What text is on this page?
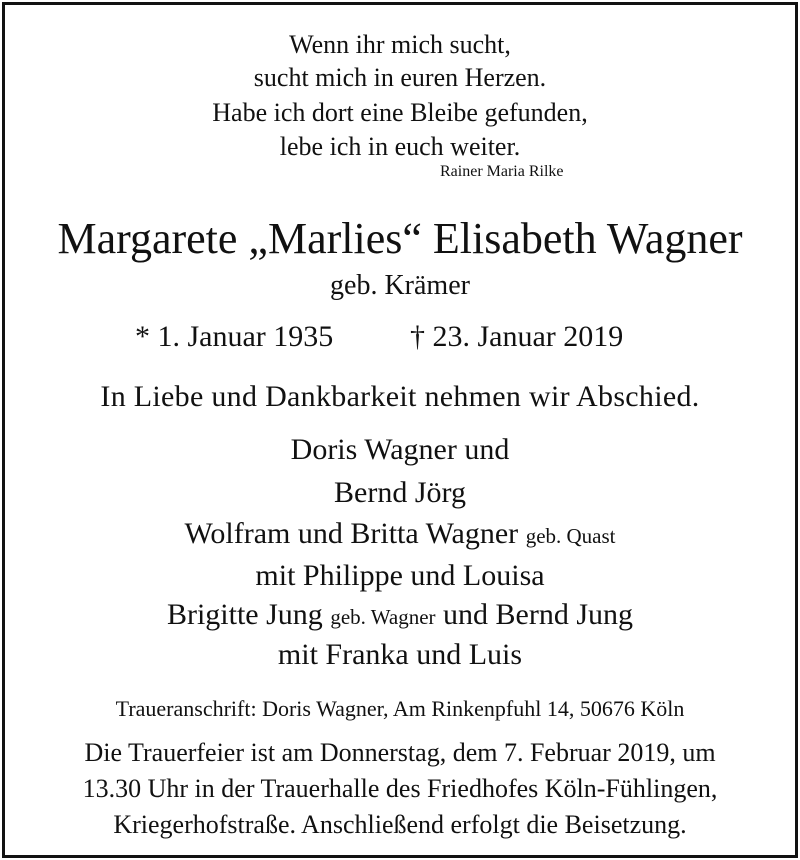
Wenn ihr mich sucht,
sucht mich in euren Herzen.
Habe ich dort eine Bleibe gefunden,
lebe ich in euch weiter.
Rainer Maria Rilke
Margarete „Marlies“ Elisabeth Wagner
geb. Krämer
* 1. Januar 1935	† 23. Januar 2019
In Liebe und Dankbarkeit nehmen wir Abschied.
Doris Wagner und
Bernd Jörg
Wolfram und Britta Wagner geb. Quast
mit Philippe und Louisa
Brigitte Jung geb. Wagner und Bernd Jung
mit Franka und Luis
Traueranschrift: Doris Wagner, Am Rinkenpfuhl 14, 50676 Köln
Die Trauerfeier ist am Donnerstag, dem 7. Februar 2019, um
13.30 Uhr in der Trauerhalle des Friedhofes Köln-Fühlingen,
Kriegerhofstraße. Anschließend erfolgt die Beisetzung.
